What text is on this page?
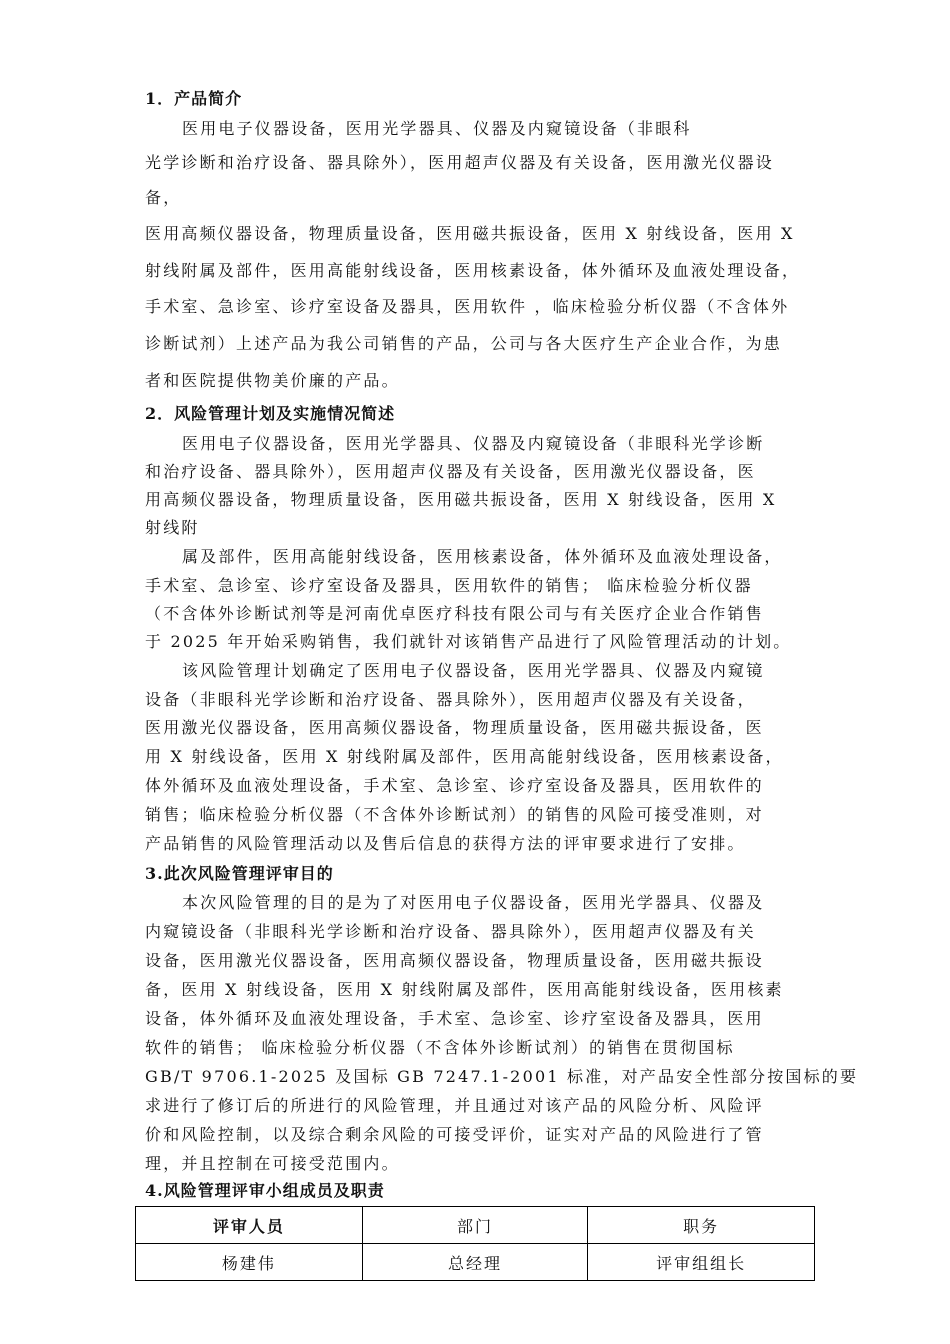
1．产品简介
医用电子仪器设备，医用光学器具、仪器及内窥镜设备（非眼科
光学诊断和治疗设备、器具除外），医用超声仪器及有关设备，医用激光仪器设
备，
医用高频仪器设备，物理质量设备，医用磁共振设备，医用 X 射线设备，医用 X
射线附属及部件，医用高能射线设备，医用核素设备，体外循环及血液处理设备，
手术室、急诊室、诊疗室设备及器具，医用软件 ，临床检验分析仪器（不含体外
诊断试剂）上述产品为我公司销售的产品，公司与各大医疗生产企业合作，为患
者和医院提供物美价廉的产品。
2．风险管理计划及实施情况简述
医用电子仪器设备，医用光学器具、仪器及内窥镜设备（非眼科光学诊断
和治疗设备、器具除外），医用超声仪器及有关设备，医用激光仪器设备，医
用高频仪器设备，物理质量设备，医用磁共振设备，医用 X 射线设备，医用 X
射线附
属及部件，医用高能射线设备，医用核素设备，体外循环及血液处理设备，
手术室、急诊室、诊疗室设备及器具，医用软件的销售； 临床检验分析仪器
（不含体外诊断试剂等是河南优卓医疗科技有限公司与有关医疗企业合作销售
于 2025 年开始采购销售，我们就针对该销售产品进行了风险管理活动的计划。
该风险管理计划确定了医用电子仪器设备，医用光学器具、仪器及内窥镜
设备（非眼科光学诊断和治疗设备、器具除外），医用超声仪器及有关设备，
医用激光仪器设备，医用高频仪器设备，物理质量设备，医用磁共振设备，医
用 X 射线设备，医用 X 射线附属及部件，医用高能射线设备，医用核素设备，
体外循环及血液处理设备，手术室、急诊室、诊疗室设备及器具，医用软件的
销售；临床检验分析仪器（不含体外诊断试剂）的销售的风险可接受准则，对
产品销售的风险管理活动以及售后信息的获得方法的评审要求进行了安排。
3.此次风险管理评审目的
本次风险管理的目的是为了对医用电子仪器设备，医用光学器具、仪器及
内窥镜设备（非眼科光学诊断和治疗设备、器具除外），医用超声仪器及有关
设备，医用激光仪器设备，医用高频仪器设备，物理质量设备，医用磁共振设
备，医用 X 射线设备，医用 X 射线附属及部件，医用高能射线设备，医用核素
设备，体外循环及血液处理设备，手术室、急诊室、诊疗室设备及器具，医用
软件的销售； 临床检验分析仪器（不含体外诊断试剂）的销售在贯彻国标
GB/T 9706.1-2025 及国标 GB 7247.1-2001 标准，对产品安全性部分按国标的要
求进行了修订后的所进行的风险管理，并且通过对该产品的风险分析、风险评
价和风险控制，以及综合剩余风险的可接受评价，证实对产品的风险进行了管
理，并且控制在可接受范围内。
4.风险管理评审小组成员及职责
评审人员	部门	职务
杨建伟	总经理	评审组组长
